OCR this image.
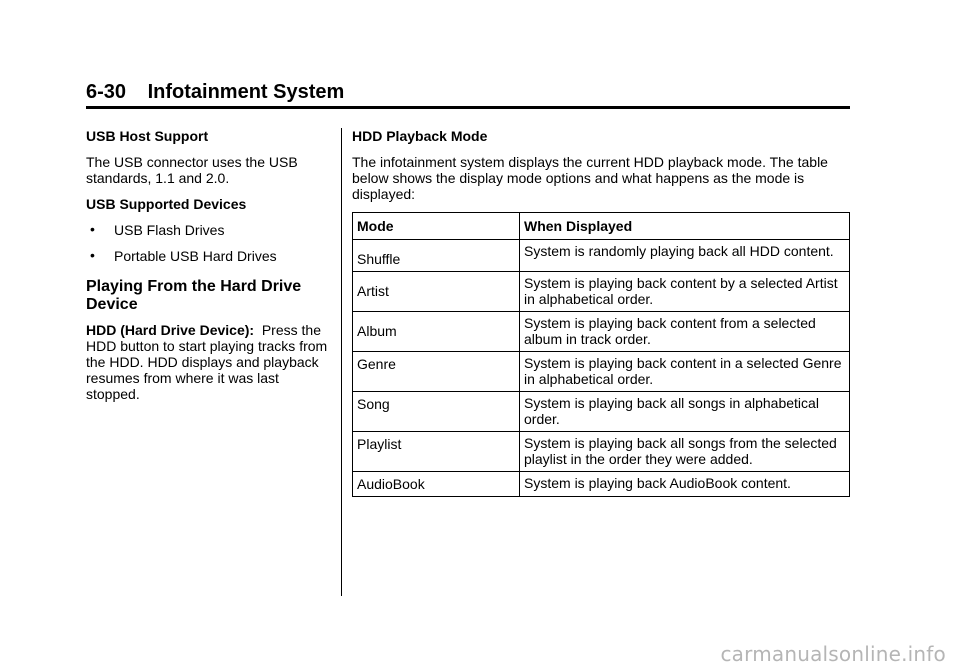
6-30 Infotainment System
USB Host Support
The USB connector uses the USB standards, 1.1 and 2.0.
USB Supported Devices
• USB Flash Drives
• Portable USB Hard Drives
Playing From the Hard Drive Device
HDD (Hard Drive Device): Press the HDD button to start playing tracks from the HDD. HDD displays and playback resumes from where it was last stopped.
HDD Playback Mode
The infotainment system displays the current HDD playback mode. The table below shows the display mode options and what happens as the mode is displayed:
Mode	When Displayed
Shuffle	System is randomly playing back all HDD content.
Artist	System is playing back content by a selected Artist in alphabetical order.
Album	System is playing back content from a selected album in track order.
Genre	System is playing back content in a selected Genre in alphabetical order.
Song	System is playing back all songs in alphabetical order.
Playlist	System is playing back all songs from the selected playlist in the order they were added.
AudioBook	System is playing back AudioBook content.
carmanualsonline.info
